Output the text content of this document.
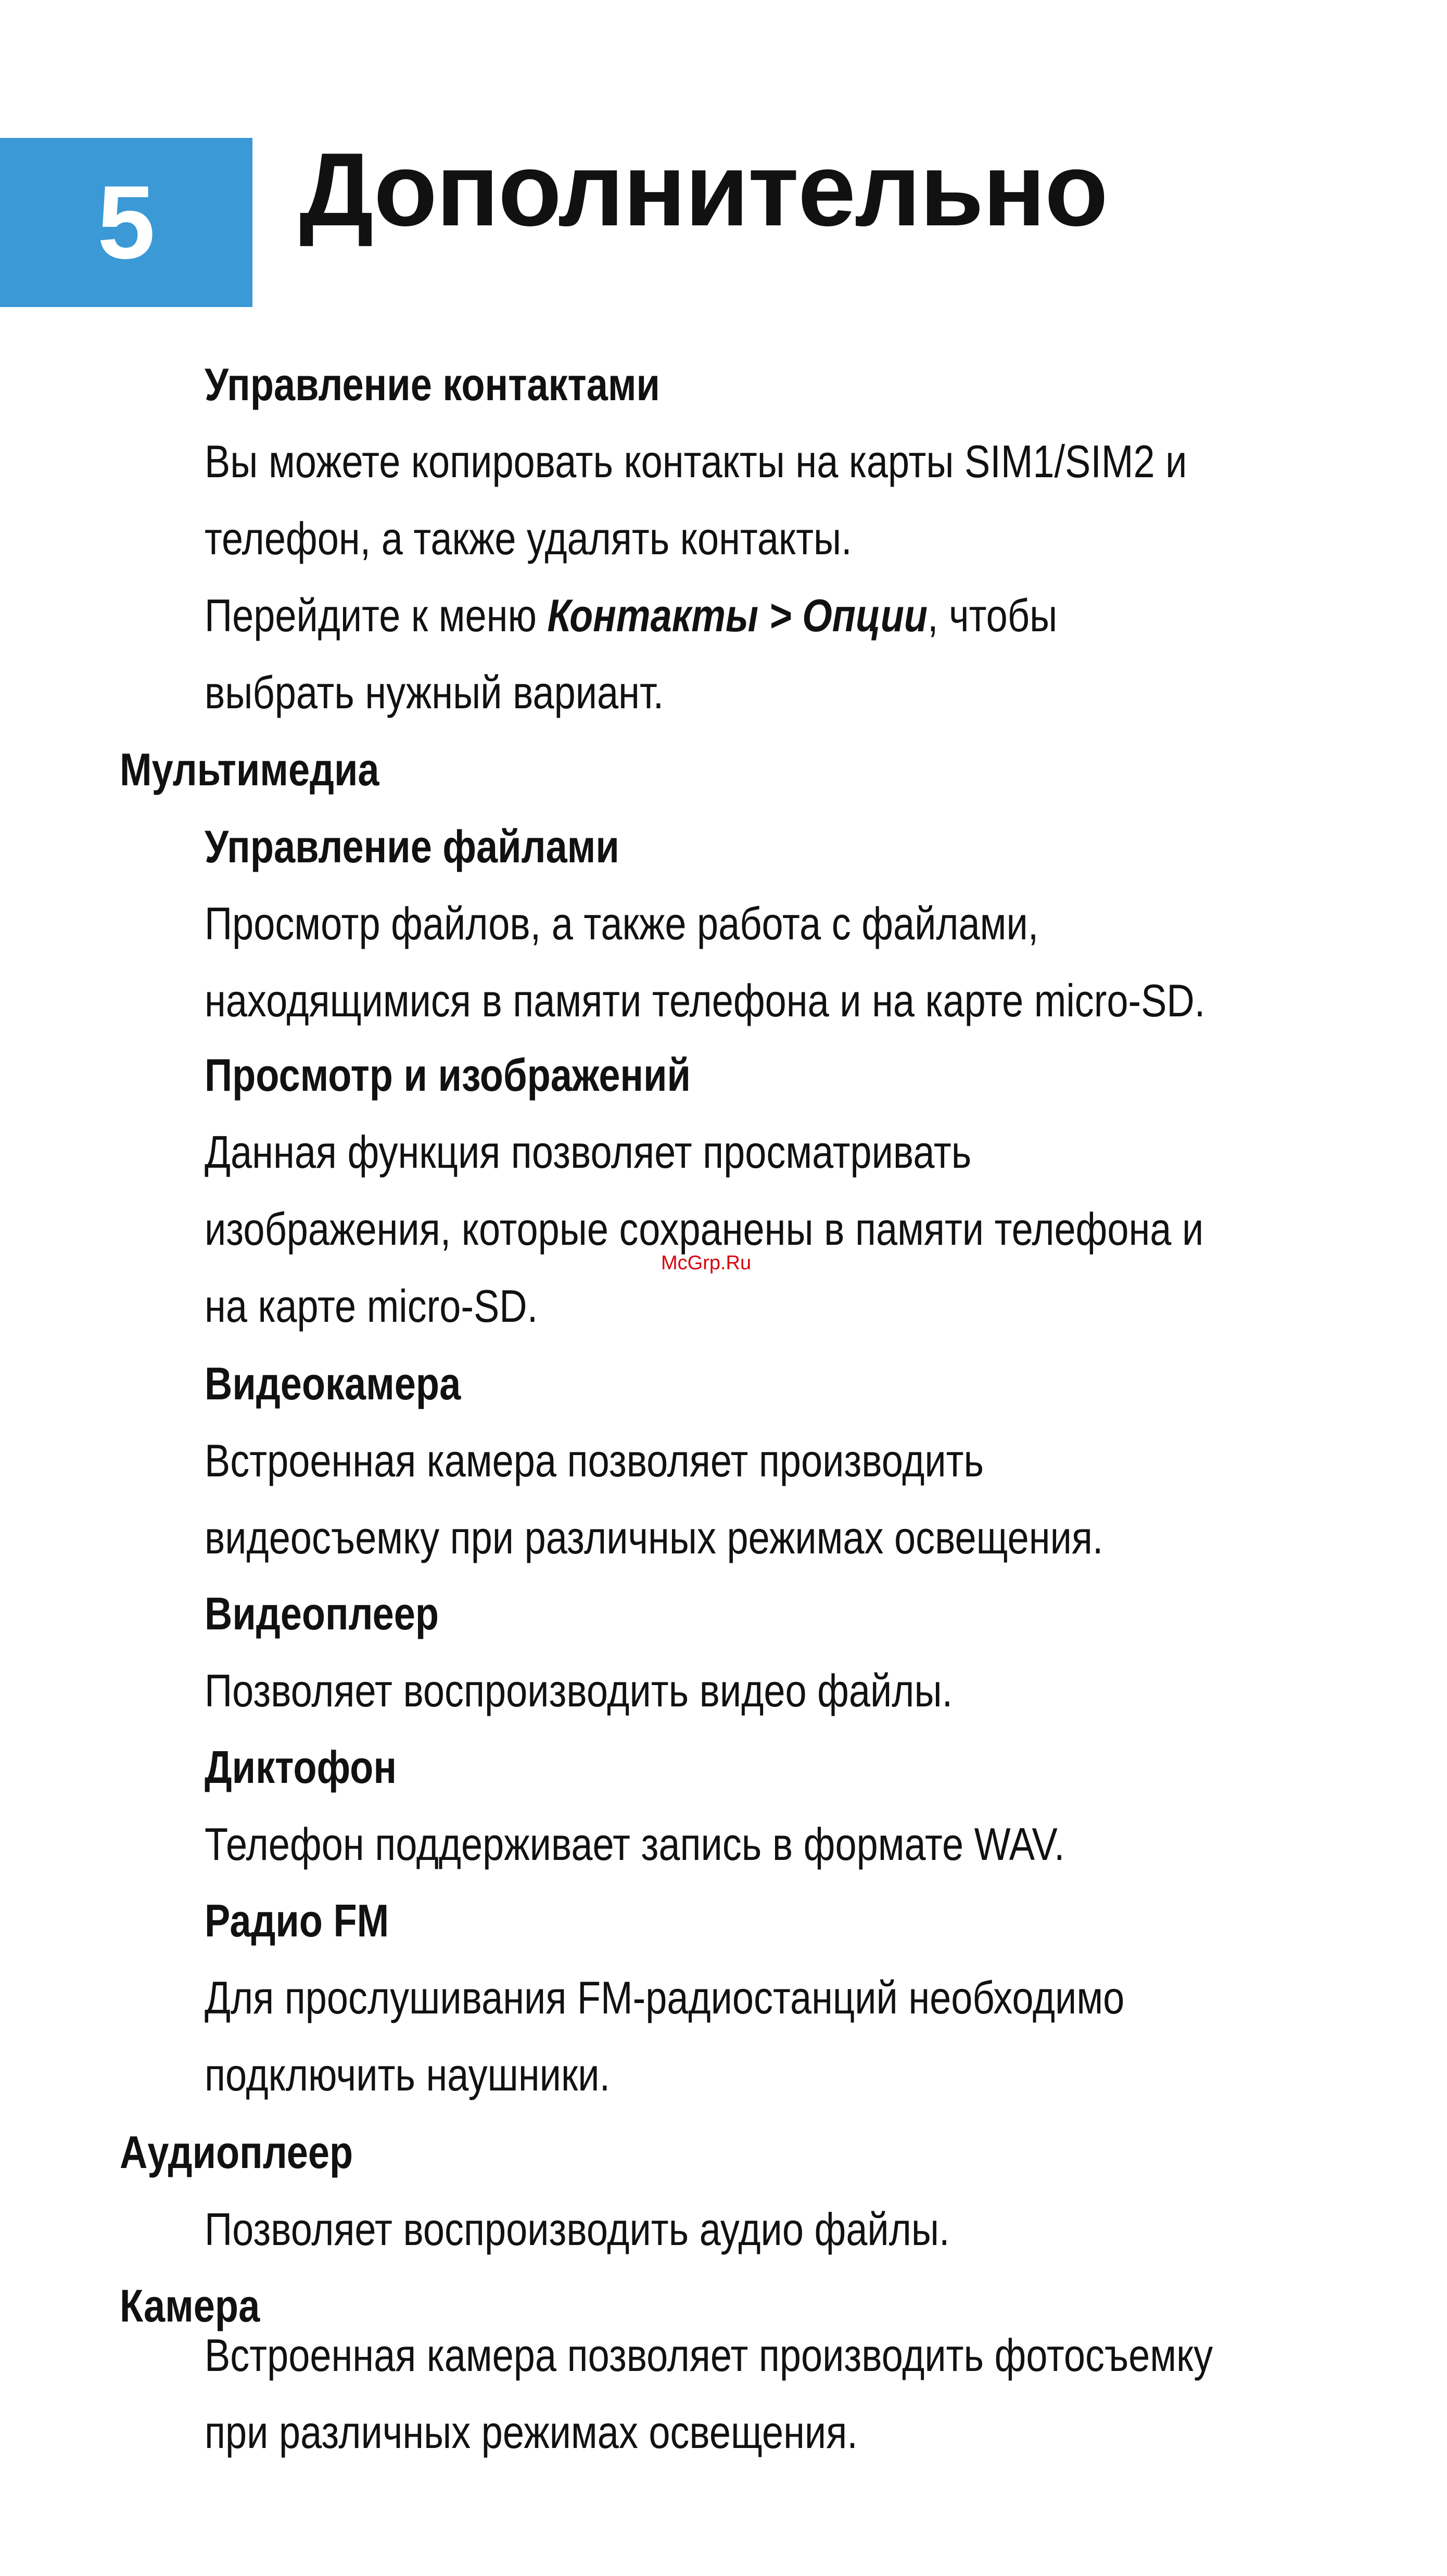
5	Дополнительно
Управление контактами
Вы можете копировать контакты на карты SIM1/SIM2 и
телефон, а также удалять контакты.
Перейдите к меню Контакты > Опции, чтобы
выбрать нужный вариант.
Мультимедиа
Управление файлами
Просмотр файлов, а также работа с файлами,
находящимися в памяти телефона и на карте micro-SD.
Просмотр и изображений
Данная функция позволяет просматривать
изображения, которые сохранены в памяти телефона и
на карте micro-SD.
Видеокамера
Встроенная камера позволяет производить
видеосъемку при различных режимах освещения.
Видеоплеер
Позволяет воспроизводить видео файлы.
Диктофон
Телефон поддерживает запись в формате WAV.
Радио FM
Для прослушивания FM-радиостанций необходимо
подключить наушники.
Аудиоплеер
Позволяет воспроизводить аудио файлы.
Камера
Встроенная камера позволяет производить фотосъемку
при различных режимах освещения.
McGrp.Ru
